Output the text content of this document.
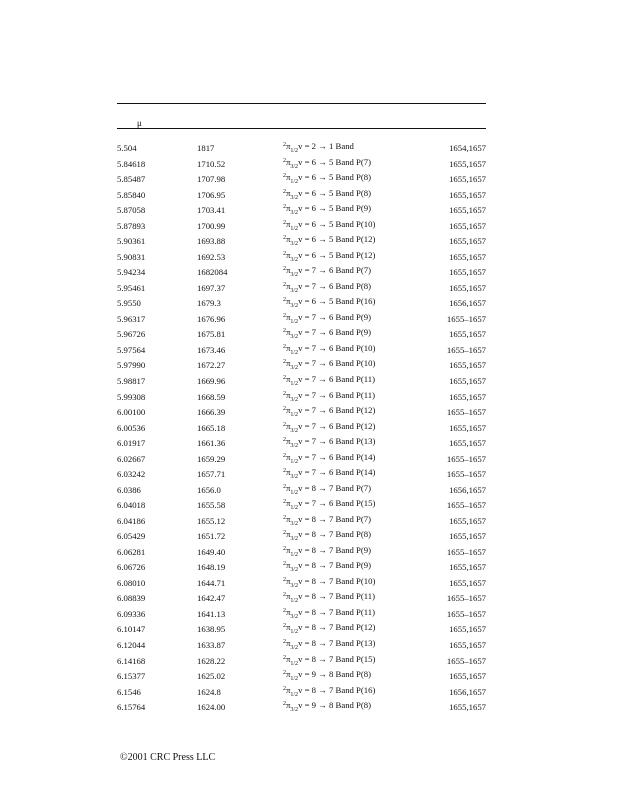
μ
5.504	1817	$^2\pi_{1/2}v = 2 \to 1$ Band	1654,1657
5.84618	1710.52	$^2\pi_{3/2}v = 6 \to 5$ Band P(7)	1655,1657
5.85487	1707.98	$^2\pi_{1/2}v = 6 \to 5$ Band P(8)	1655,1657
5.85840	1706.95	$^2\pi_{3/2}v = 6 \to 5$ Band P(8)	1655,1657
5.87058	1703.41	$^2\pi_{3/2}v = 6 \to 5$ Band P(9)	1655,1657
5.87893	1700.99	$^2\pi_{1/2}v = 6 \to 5$ Band P(10)	1655,1657
5.90361	1693.88	$^2\pi_{3/2}v = 6 \to 5$ Band P(12)	1655,1657
5.90831	1692.53	$^2\pi_{3/2}v = 6 \to 5$ Band P(12)	1655,1657
5.94234	1682084	$^2\pi_{3/2}v = 7 \to 6$ Band P(7)	1655,1657
5.95461	1697.37	$^2\pi_{3/2}v = 7 \to 6$ Band P(8)	1655,1657
5.9550	1679.3	$^2\pi_{3/2}v = 6 \to 5$ Band P(16)	1656,1657
5.96317	1676.96	$^2\pi_{1/2}v = 7 \to 6$ Band P(9)	1655–1657
5.96726	1675.81	$^2\pi_{3/2}v = 7 \to 6$ Band P(9)	1655,1657
5.97564	1673.46	$^2\pi_{1/2}v = 7 \to 6$ Band P(10)	1655–1657
5.97990	1672.27	$^2\pi_{3/2}v = 7 \to 6$ Band P(10)	1655,1657
5.98817	1669.96	$^2\pi_{1/2}v = 7 \to 6$ Band P(11)	1655,1657
5.99308	1668.59	$^2\pi_{3/2}v = 7 \to 6$ Band P(11)	1655,1657
6.00100	1666.39	$^2\pi_{1/2}v = 7 \to 6$ Band P(12)	1655–1657
6.00536	1665.18	$^2\pi_{3/2}v = 7 \to 6$ Band P(12)	1655,1657
6.01917	1661.36	$^2\pi_{3/2}v = 7 \to 6$ Band P(13)	1655,1657
6.02667	1659.29	$^2\pi_{1/2}v = 7 \to 6$ Band P(14)	1655–1657
6.03242	1657.71	$^2\pi_{3/2}v = 7 \to 6$ Band P(14)	1655–1657
6.0386	1656.0	$^2\pi_{1/2}v = 8 \to 7$ Band P(7)	1656,1657
6.04018	1655.58	$^2\pi_{1/2}v = 7 \to 6$ Band P(15)	1655–1657
6.04186	1655.12	$^2\pi_{3/2}v = 8 \to 7$ Band P(7)	1655,1657
6.05429	1651.72	$^2\pi_{3/2}v = 8 \to 7$ Band P(8)	1655,1657
6.06281	1649.40	$^2\pi_{1/2}v = 8 \to 7$ Band P(9)	1655–1657
6.06726	1648.19	$^2\pi_{3/2}v = 8 \to 7$ Band P(9)	1655,1657
6.08010	1644.71	$^2\pi_{3/2}v = 8 \to 7$ Band P(10)	1655,1657
6.08839	1642.47	$^2\pi_{1/2}v = 8 \to 7$ Band P(11)	1655–1657
6.09336	1641.13	$^2\pi_{3/2}v = 8 \to 7$ Band P(11)	1655–1657
6.10147	1638.95	$^2\pi_{1/2}v = 8 \to 7$ Band P(12)	1655,1657
6.12044	1633.87	$^2\pi_{3/2}v = 8 \to 7$ Band P(13)	1655,1657
6.14168	1628.22	$^2\pi_{1/2}v = 8 \to 7$ Band P(15)	1655–1657
6.15377	1625.02	$^2\pi_{1/2}v = 9 \to 8$ Band P(8)	1655,1657
6.1546	1624.8	$^2\pi_{1/2}v = 8 \to 7$ Band P(16)	1656,1657
6.15764	1624.00	$^2\pi_{3/2}v = 9 \to 8$ Band P(8)	1655,1657
©2001 CRC Press LLC
